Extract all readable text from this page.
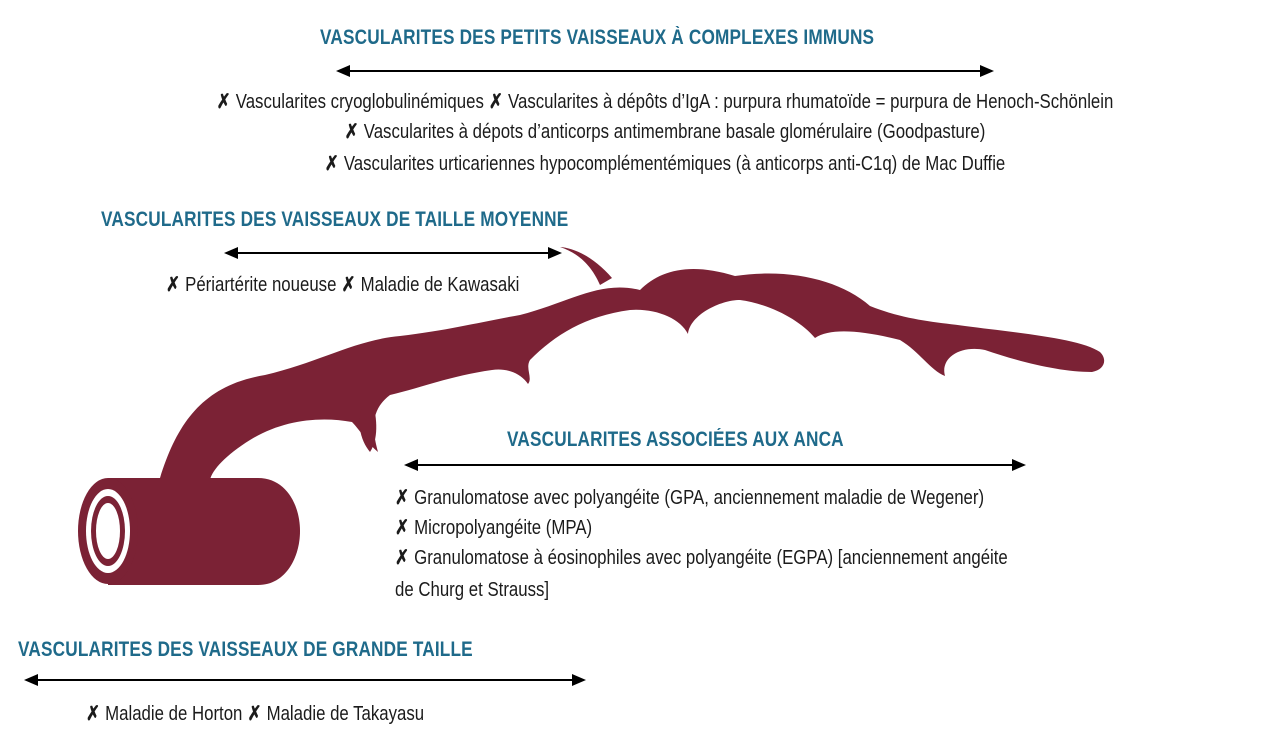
VASCULARITES DES PETITS VAISSEAUX À COMPLEXES IMMUNS

✗ Vascularites cryoglobulinémiques ✗ Vascularites à dépôts d’IgA : purpura rhumatoïde = purpura de Henoch-Schönlein

✗ Vascularites à dépots d’anticorps antimembrane basale glomérulaire (Goodpasture)

✗ Vascularites urticariennes hypocomplémentémiques (à anticorps anti-C1q) de Mac Duffie

VASCULARITES DES VAISSEAUX DE TAILLE MOYENNE

✗ Périartérite noueuse ✗ Maladie de Kawasaki

VASCULARITES ASSOCIÉES AUX ANCA

✗ Granulomatose avec polyangéite (GPA, anciennement maladie de Wegener)

✗ Micropolyangéite (MPA)

✗ Granulomatose à éosinophiles avec polyangéite (EGPA) [anciennement angéite

de Churg et Strauss]

VASCULARITES DES VAISSEAUX DE GRANDE TAILLE

✗ Maladie de Horton ✗ Maladie de Takayasu
